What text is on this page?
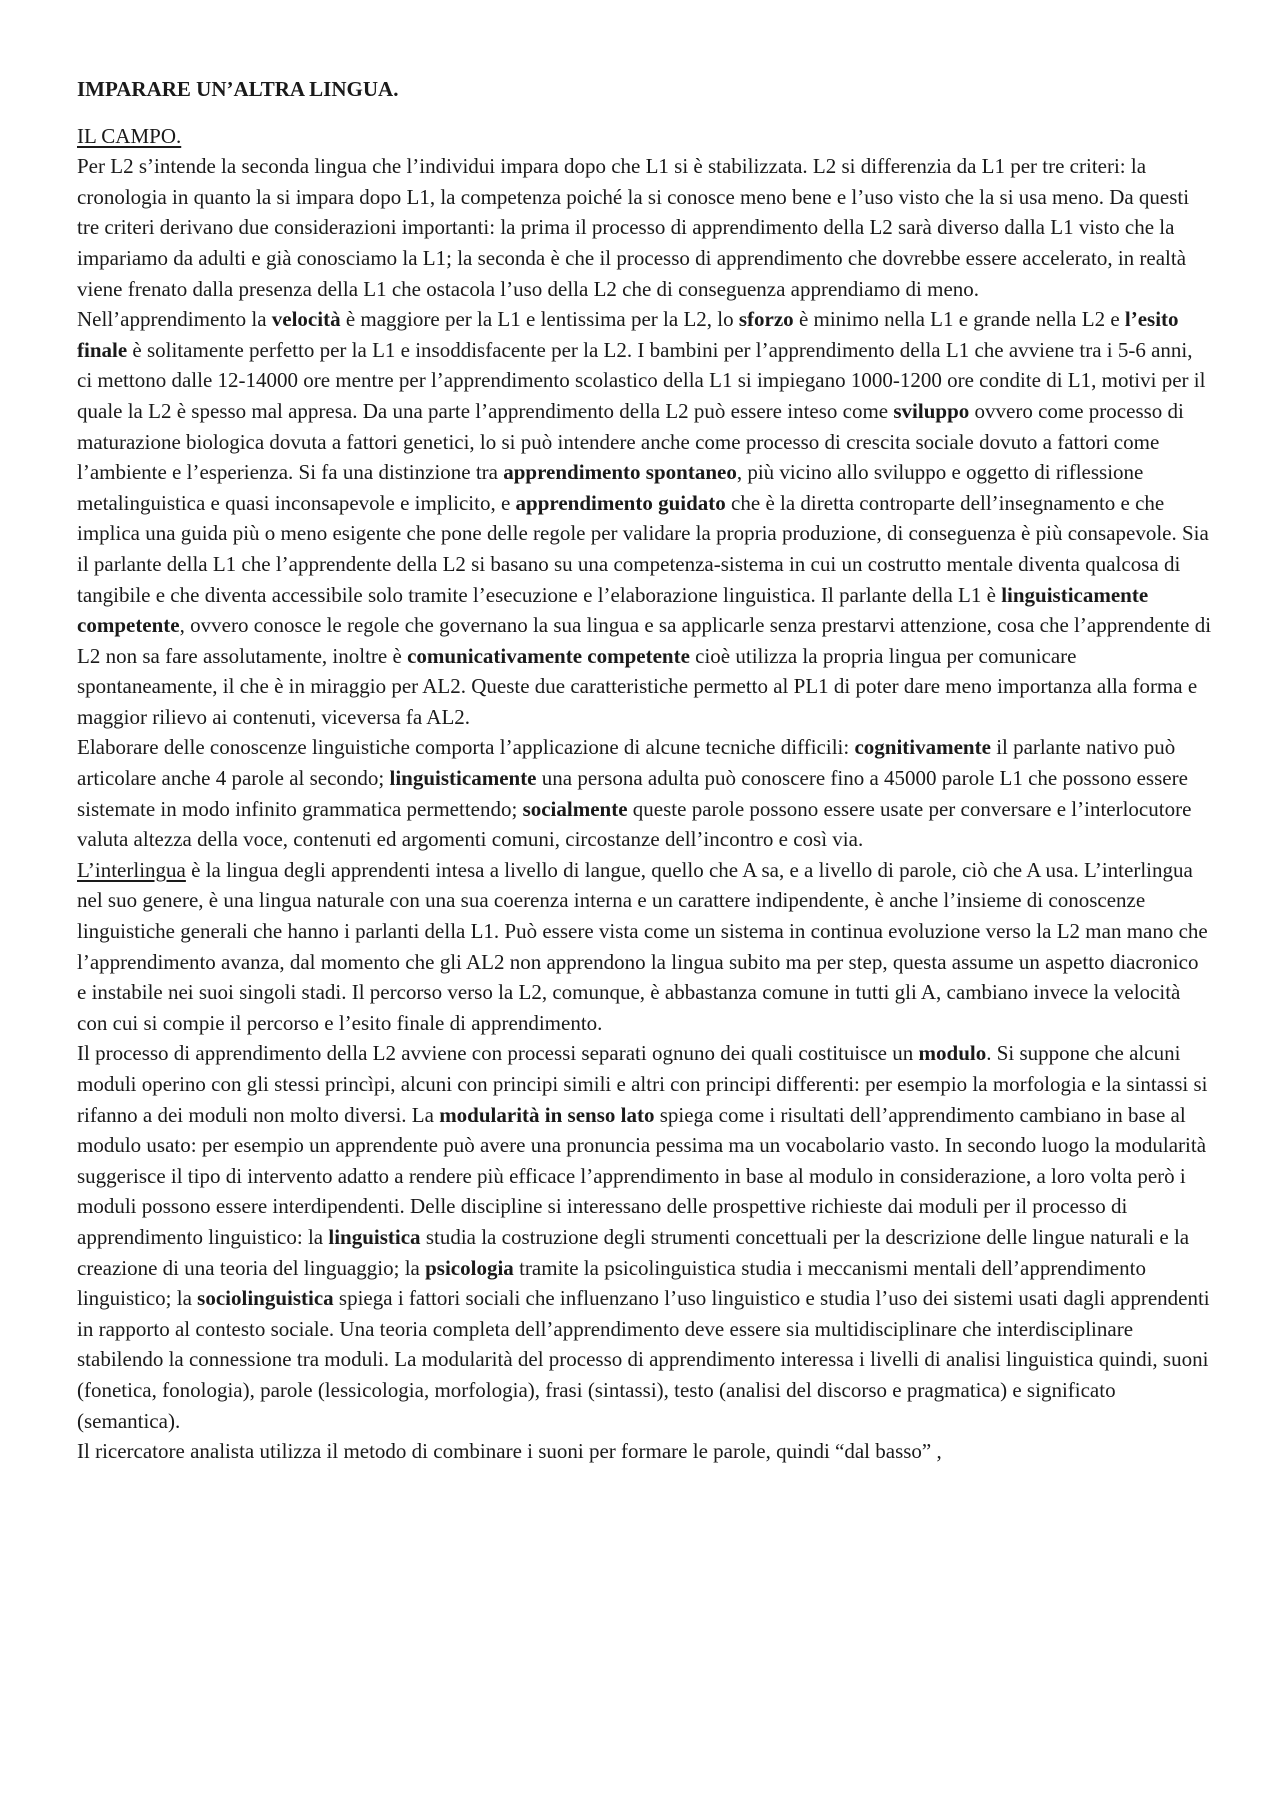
IMPARARE UN’ALTRA LINGUA.
IL CAMPO.

Per L2 s’intende la seconda lingua che l’individui impara dopo che L1 si è stabilizzata. L2 si differenzia da L1 per tre criteri: la cronologia in quanto la si impara dopo L1, la competenza poiché la si conosce meno bene e l’uso visto che la si usa meno. Da questi tre criteri derivano due considerazioni importanti: la prima il processo di apprendimento della L2 sarà diverso dalla L1 visto che la impariamo da adulti e già conosciamo la L1; la seconda è che il processo di apprendimento che dovrebbe essere accelerato, in realtà viene frenato dalla presenza della L1 che ostacola l’uso della L2 che di conseguenza apprendiamo di meno.

Nell’apprendimento la velocità è maggiore per la L1 e lentissima per la L2, lo sforzo è minimo nella L1 e grande nella L2 e l’esito finale è solitamente perfetto per la L1 e insoddisfacente per la L2. I bambini per l’apprendimento della L1 che avviene tra i 5-6 anni, ci mettono dalle 12-14000 ore mentre per l’apprendimento scolastico della L1 si impiegano 1000-1200 ore condite di L1, motivi per il quale la L2 è spesso mal appresa. Da una parte l’apprendimento della L2 può essere inteso come sviluppo ovvero come processo di maturazione biologica dovuta a fattori genetici, lo si può intendere anche come processo di crescita sociale dovuto a fattori come l’ambiente e l’esperienza. Si fa una distinzione tra apprendimento spontaneo, più vicino allo sviluppo e oggetto di riflessione metalinguistica e quasi inconsapevole e implicito, e apprendimento guidato che è la diretta controparte dell’insegnamento e che implica una guida più o meno esigente che pone delle regole per validare la propria produzione, di conseguenza è più consapevole. Sia il parlante della L1 che l’apprendente della L2 si basano su una competenza-sistema in cui un costrutto mentale diventa qualcosa di tangibile e che diventa accessibile solo tramite l’esecuzione e l’elaborazione linguistica. Il parlante della L1 è linguisticamente competente, ovvero conosce le regole che governano la sua lingua e sa applicarle senza prestarvi attenzione, cosa che l’apprendente di L2 non sa fare assolutamente, inoltre è comunicativamente competente cioè utilizza la propria lingua per comunicare spontaneamente, il che è in miraggio per AL2. Queste due caratteristiche permetto al PL1 di poter dare meno importanza alla forma e maggior rilievo ai contenuti, viceversa fa AL2.

Elaborare delle conoscenze linguistiche comporta l’applicazione di alcune tecniche difficili: cognitivamente il parlante nativo può articolare anche 4 parole al secondo; linguisticamente una persona adulta può conoscere fino a 45000 parole L1 che possono essere sistemate in modo infinito grammatica permettendo; socialmente queste parole possono essere usate per conversare e l’interlocutore valuta altezza della voce, contenuti ed argomenti comuni, circostanze dell’incontro e così via.

L’interlingua è la lingua degli apprendenti intesa a livello di langue, quello che A sa, e a livello di parole, ciò che A usa. L’interlingua nel suo genere, è una lingua naturale con una sua coerenza interna e un carattere indipendente, è anche l’insieme di conoscenze linguistiche generali che hanno i parlanti della L1. Può essere vista come un sistema in continua evoluzione verso la L2 man mano che l’apprendimento avanza, dal momento che gli AL2 non apprendono la lingua subito ma per step, questa assume un aspetto diacronico e instabile nei suoi singoli stadi. Il percorso verso la L2, comunque, è abbastanza comune in tutti gli A, cambiano invece la velocità con cui si compie il percorso e l’esito finale di apprendimento.

Il processo di apprendimento della L2 avviene con processi separati ognuno dei quali costituisce un modulo. Si suppone che alcuni moduli operino con gli stessi princìpi, alcuni con principi simili e altri con principi differenti: per esempio la morfologia e la sintassi si rifanno a dei moduli non molto diversi. La modularità in senso lato spiega come i risultati dell’apprendimento cambiano in base al modulo usato: per esempio un apprendente può avere una pronuncia pessima ma un vocabolario vasto. In secondo luogo la modularità suggerisce il tipo di intervento adatto a rendere più efficace l’apprendimento in base al modulo in considerazione, a loro volta però i moduli possono essere interdipendenti. Delle discipline si interessano delle prospettive richieste dai moduli per il processo di apprendimento linguistico: la linguistica studia la costruzione degli strumenti concettuali per la descrizione delle lingue naturali e la creazione di una teoria del linguaggio; la psicologia tramite la psicolinguistica studia i meccanismi mentali dell’apprendimento linguistico; la sociolinguistica spiega i fattori sociali che influenzano l’uso linguistico e studia l’uso dei sistemi usati dagli apprendenti in rapporto al contesto sociale. Una teoria completa dell’apprendimento deve essere sia multidisciplinare che interdisciplinare stabilendo la connessione tra moduli. La modularità del processo di apprendimento interessa i livelli di analisi linguistica quindi, suoni (fonetica, fonologia), parole (lessicologia, morfologia), frasi (sintassi), testo (analisi del discorso e pragmatica) e significato (semantica).

Il ricercatore analista utilizza il metodo di combinare i suoni per formare le parole, quindi “dal basso” ,
